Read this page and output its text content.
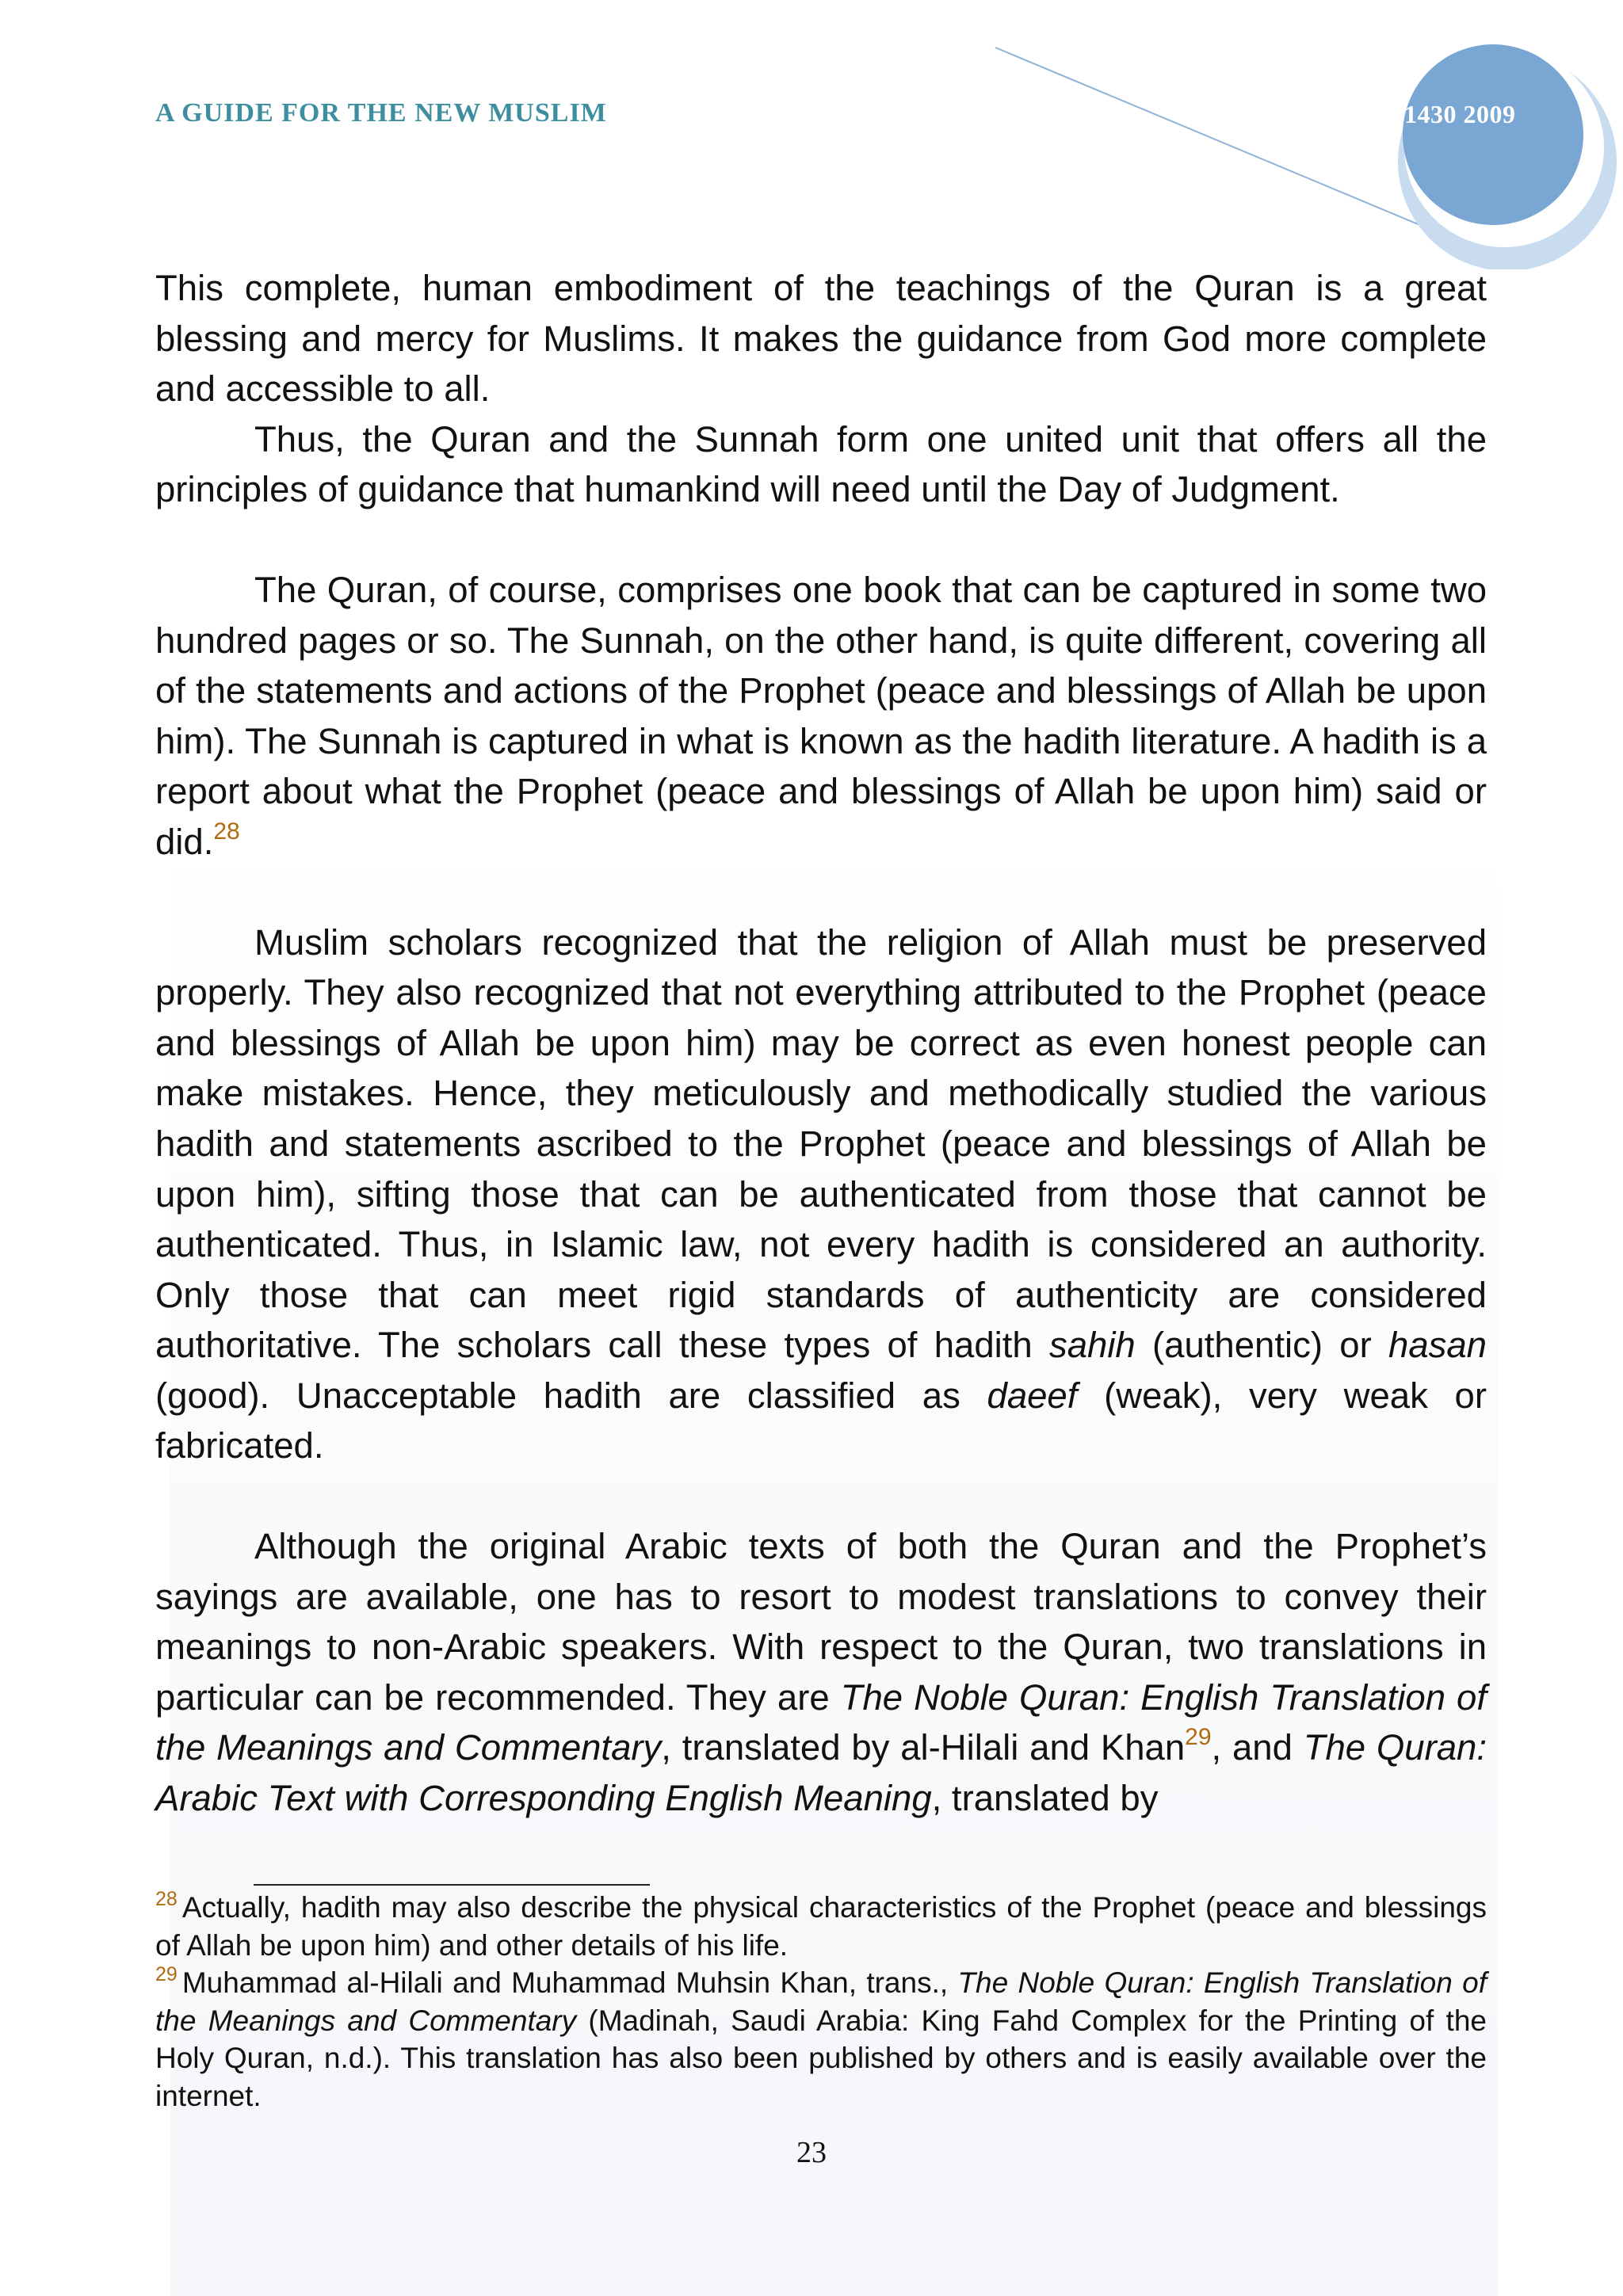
A GUIDE FOR THE NEW MUSLIM	1430 2009

This complete, human embodiment of the teachings of the Quran is a great blessing and mercy for Muslims. It makes the guidance from God more complete and accessible to all.

Thus, the Quran and the Sunnah form one united unit that offers all the principles of guidance that humankind will need until the Day of Judgment.

The Quran, of course, comprises one book that can be captured in some two hundred pages or so. The Sunnah, on the other hand, is quite different, covering all of the statements and actions of the Prophet (peace and blessings of Allah be upon him). The Sunnah is captured in what is known as the hadith literature. A hadith is a report about what the Prophet (peace and blessings of Allah be upon him) said or did.$^{28}$

Muslim scholars recognized that the religion of Allah must be preserved properly. They also recognized that not everything attributed to the Prophet (peace and blessings of Allah be upon him) may be correct as even honest people can make mistakes. Hence, they meticulously and methodically studied the various hadith and statements ascribed to the Prophet (peace and blessings of Allah be upon him), sifting those that can be authenticated from those that cannot be authenticated. Thus, in Islamic law, not every hadith is considered an authority. Only those that can meet rigid standards of authenticity are considered authoritative. The scholars call these types of hadith sahih (authentic) or hasan (good). Unacceptable hadith are classified as daeef (weak), very weak or fabricated.

Although the original Arabic texts of both the Quran and the Prophet’s sayings are available, one has to resort to modest translations to convey their meanings to non-Arabic speakers. With respect to the Quran, two translations in particular can be recommended. They are The Noble Quran: English Translation of the Meanings and Commentary, translated by al-Hilali and Khan$^{29}$, and The Quran: Arabic Text with Corresponding English Meaning, translated by

$^{28}$ Actually, hadith may also describe the physical characteristics of the Prophet (peace and blessings of Allah be upon him) and other details of his life.

$^{29}$ Muhammad al-Hilali and Muhammad Muhsin Khan, trans., The Noble Quran: English Translation of the Meanings and Commentary (Madinah, Saudi Arabia: King Fahd Complex for the Printing of the Holy Quran, n.d.). This translation has also been published by others and is easily available over the internet.

23
